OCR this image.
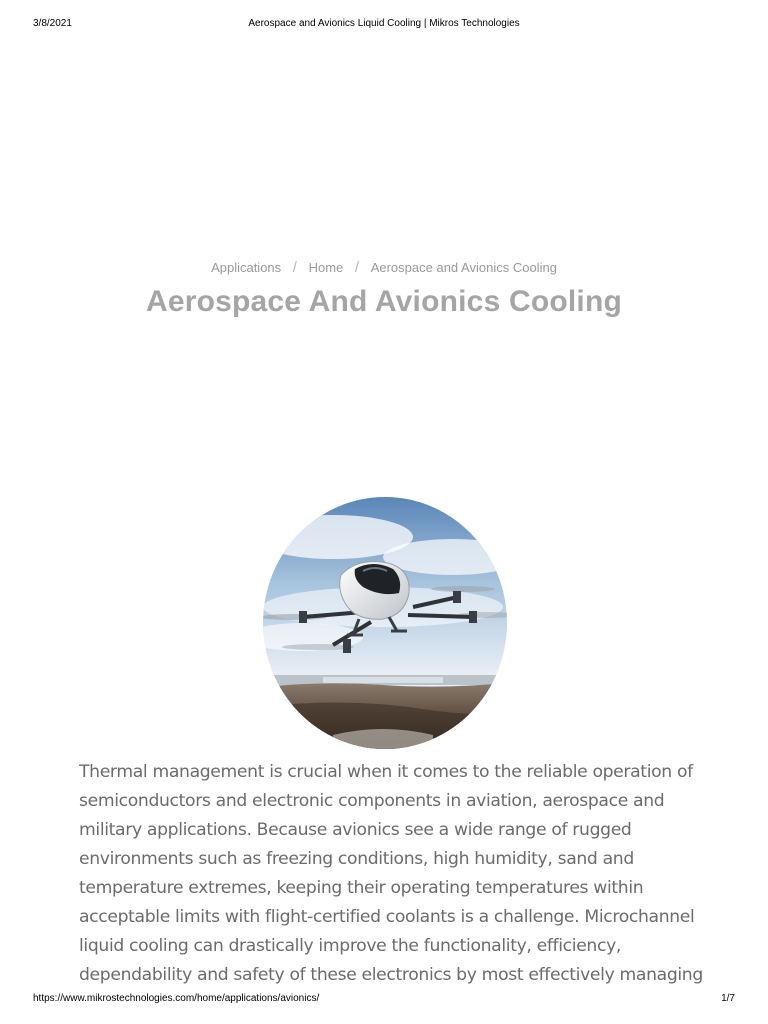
3/8/2021	Aerospace and Avionics Liquid Cooling | Mikros Technologies
Applications / Home / Aerospace and Avionics Cooling
Aerospace And Avionics Cooling

Thermal management is crucial when it comes to the reliable operation of semiconductors and electronic components in aviation, aerospace and military applications. Because avionics see a wide range of rugged environments such as freezing conditions, high humidity, sand and temperature extremes, keeping their operating temperatures within acceptable limits with flight-certified coolants is a challenge. Microchannel liquid cooling can drastically improve the functionality, efficiency, dependability and safety of these electronics by most effectively managing

https://www.mikrostechnologies.com/home/applications/avionics/	1/7
